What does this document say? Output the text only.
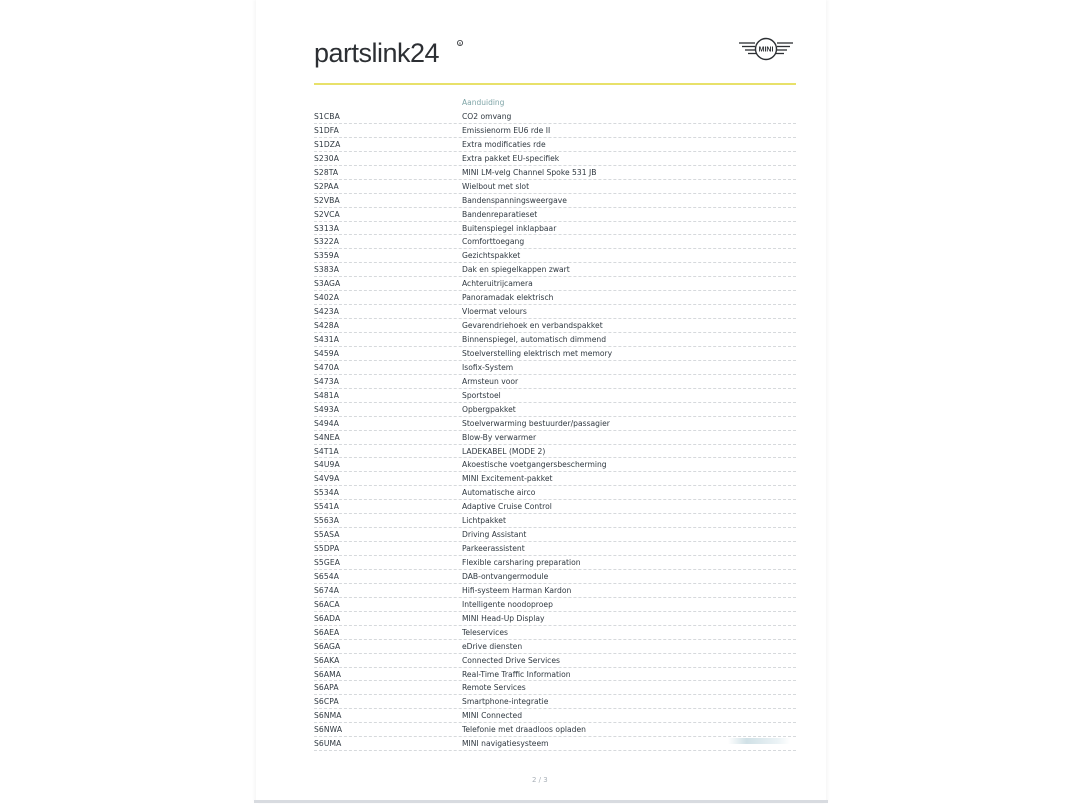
partslink24	R
MINI
Aanduiding
S1CBA	CO2 omvang
S1DFA	Emissienorm EU6 rde II
S1DZA	Extra modificaties rde
S230A	Extra pakket EU-specifiek
S28TA	MINI LM-velg Channel Spoke 531 JB
S2PAA	Wielbout met slot
S2VBA	Bandenspanningsweergave
S2VCA	Bandenreparatieset
S313A	Buitenspiegel inklapbaar
S322A	Comforttoegang
S359A	Gezichtspakket
S383A	Dak en spiegelkappen zwart
S3AGA	Achteruitrijcamera
S402A	Panoramadak elektrisch
S423A	Vloermat velours
S428A	Gevarendriehoek en verbandspakket
S431A	Binnenspiegel, automatisch dimmend
S459A	Stoelverstelling elektrisch met memory
S470A	Isofix-System
S473A	Armsteun voor
S481A	Sportstoel
S493A	Opbergpakket
S494A	Stoelverwarming bestuurder/passagier
S4NEA	Blow-By verwarmer
S4T1A	LADEKABEL (MODE 2)
S4U9A	Akoestische voetgangersbescherming
S4V9A	MINI Excitement-pakket
S534A	Automatische airco
S541A	Adaptive Cruise Control
S563A	Lichtpakket
S5ASA	Driving Assistant
S5DPA	Parkeerassistent
S5GEA	Flexible carsharing preparation
S654A	DAB-ontvangermodule
S674A	Hifi-systeem Harman Kardon
S6ACA	Intelligente noodoproep
S6ADA	MINI Head-Up Display
S6AEA	Teleservices
S6AGA	eDrive diensten
S6AKA	Connected Drive Services
S6AMA	Real-Time Traffic Information
S6APA	Remote Services
S6CPA	Smartphone-integratie
S6NMA	MINI Connected
S6NWA	Telefonie met draadloos opladen
S6UMA	MINI navigatiesysteem
2 / 3
